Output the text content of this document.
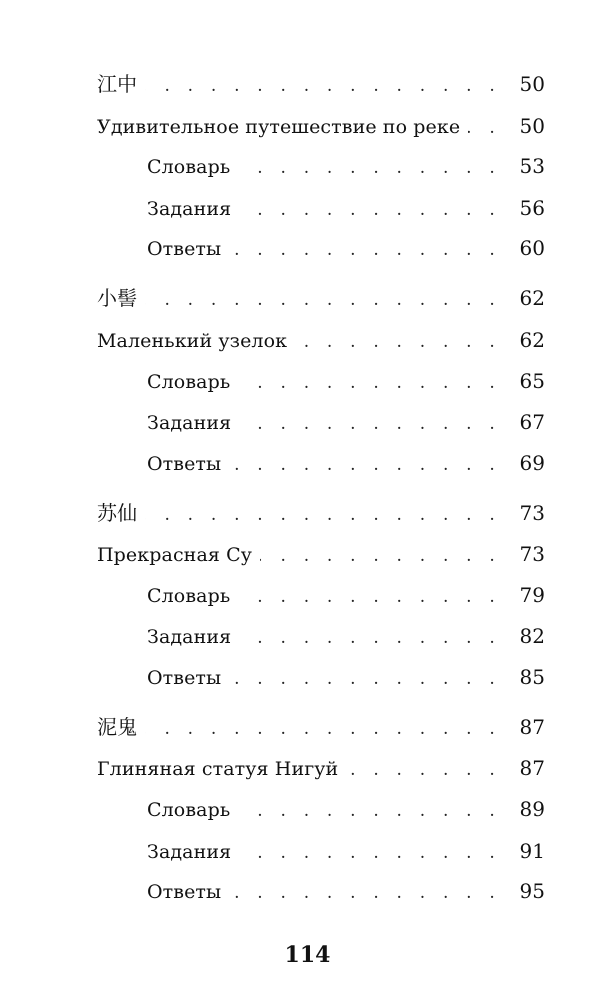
江中 . . .	50
Удивительное путешествие по реке . . .	50
Словарь . . .	53
Задания . . .	56
Ответы . . .	60
小髻 . . .	62
Маленький узелок . . .	62
Словарь . . .	65
Задания . . .	67
Ответы . . .	69
苏仙 . . .	73
Прекрасная Су . . .	73
Словарь . . .	79
Задания . . .	82
Ответы . . .	85
泥鬼 . . .	87
Глиняная статуя Нигуй . . .	87
Словарь . . .	89
Задания . . .	91
Ответы . . .	95
114
